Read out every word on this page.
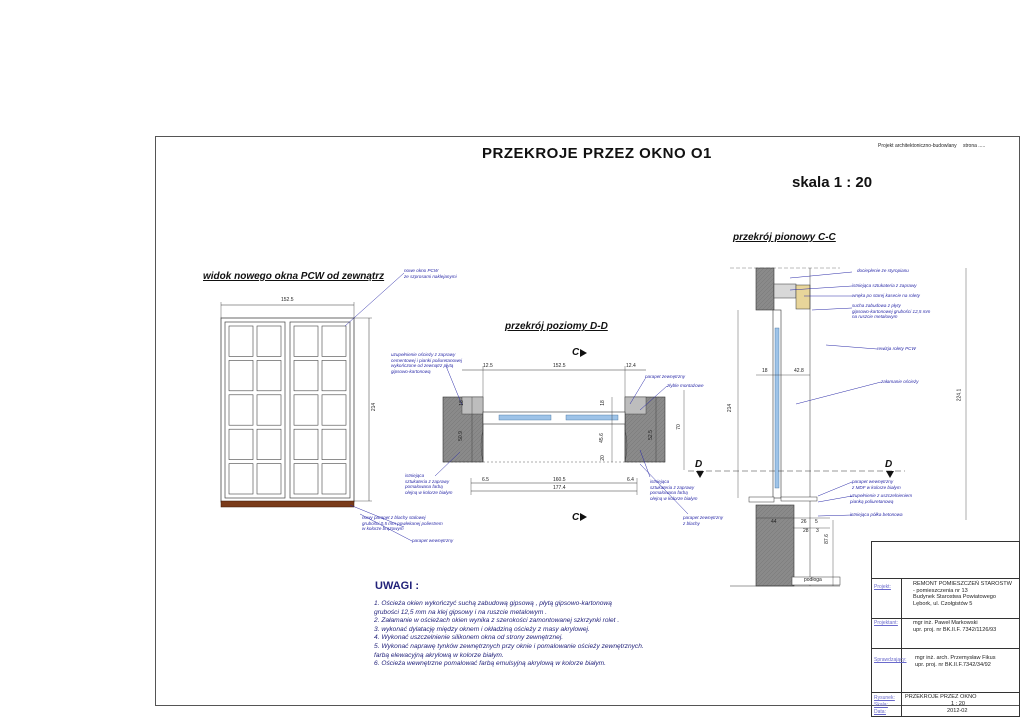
PRZEKROJE PRZEZ OKNO O1
skala 1 : 20
Projekt architektoniczno-budowlany strona .....
widok nowego okna PCW od zewnątrz
przekrój poziomy D-D
przekrój pionowy C-C
152.5
214
nowe okno PCW
ze szprosami naklejanymi
nowy parapet z blachy stalowej
grubości 0,5 mm powlekanej poliestrem
w kolorze brązowym
parapet wewnętrzny
C
C
12.5	152.5	12.4
6.5	160.5	6.4
177.4
18
50.9
18
45.6	52.5
20
70
uzupełnienie ościeży z zaprawy
cementowej i pianki poliuretanowej
wykończone od zewnątrz płytą
gipsowo-kartonową
parapet zewnętrzny
złyble montażowe
istniejąca
sztukateria z zaprawy
pomalowana farbą
olejną w kolorze białym
istniejąca
sztukateria z zaprawy
pomalowana farbą
olejną w kolorze białym
parapet zewnętrzny
z blachy
D	D
18	42.8
214
224.1
44	26 5
28 3
87.6
docieplenie ze styropianu
istniejąca sztukateria z zaprawy
wnęka po starej kasecie na rolety
sucha zabudowa z płyty
gipsowo-kartonowej grubości 12,5 mm
na ruszcie metalowym
rewizja rolety PCW
załamanie ościeży
parapet wewnętrzny
z MDF w kolorze białym
uzupełnienie z uszczelnieniem
pianką poliuretanową
istniejąca półka betonowa
podłoga
UWAGI :
1. Ościeża okien wykończyć suchą zabudową gipsową , płytą gipsowo-kartonową
grubości 12,5 mm na klej gipsowy i na ruszcie metalowym .
2. Załamanie w ościeżach okien wynika z szerokości zamontowanej szkrzynki rolet .
3. wykonać dylatację między oknem i okładziną ościeży z masy akrylowej.
4. Wykonać uszczelnienie silikonem okna od strony zewnętrznej.
5. Wykonać naprawę tynków zewnętrznych przy oknie i pomalowanie ościeży zewnętrznych.
farbą elewacyjną akrylową w kolorze białym.
6. Ościeża wewnętrzne pomalować farbą emulsyjną akrylową w kolorze białym.
Projekt:	REMONT POMIESZCZEŃ STAROSTW
- pomieszczenia nr 13
Budynek Starostwa Powiatowego
Lębork, ul. Czołgistów 5
Projektant:	mgr inż. Paweł Markowski
upr. proj. nr BK.II.F. 7342/1126/93
Sprawdzający: mgr inż. arch. Przemysław Fikus
upr. proj. nr BK.II.F.7342/34/92
Rysunek: PRZEKROJE PRZEZ OKNO
Skala:	1 : 20
Data:	2012-02
